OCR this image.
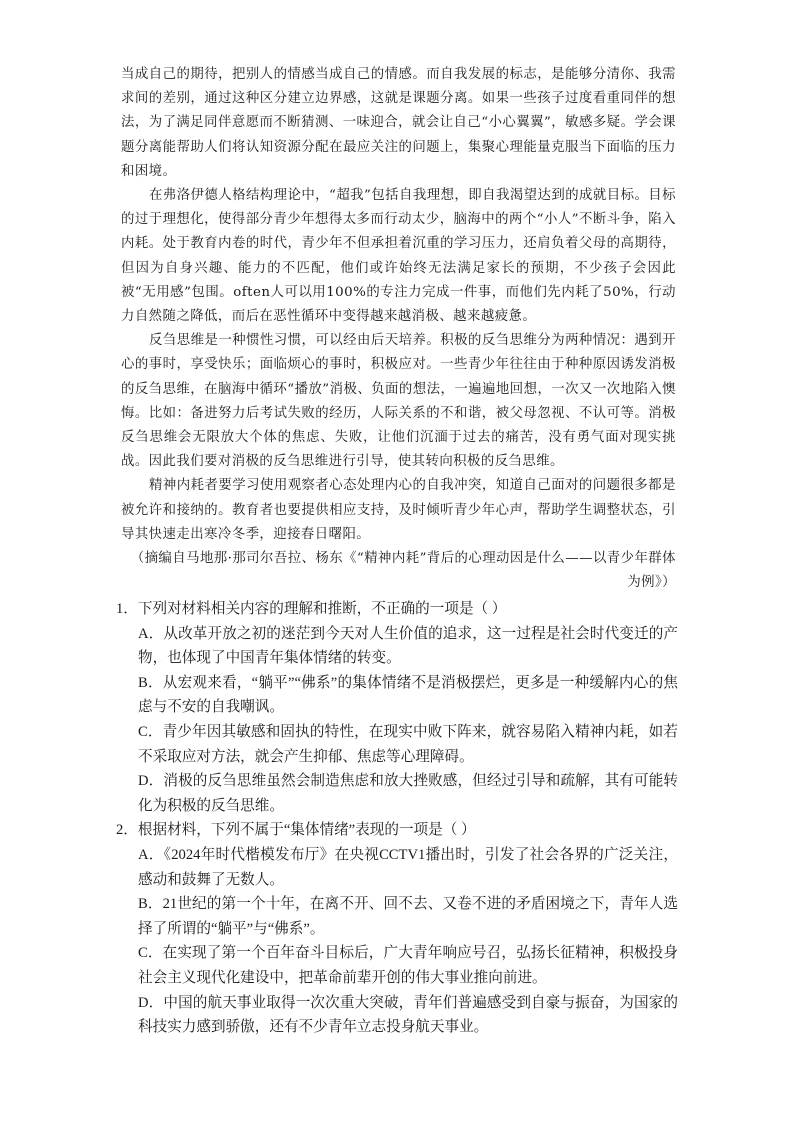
当成自己的期待，把别人的情感当成自己的情感。而自我发展的标志，是能够分清你、我需求间的差别，通过这种区分建立边界感，这就是课题分离。如果一些孩子过度看重同伴的想法，为了满足同伴意愿而不断猜测、一味迎合，就会让自己“小心翼翼”，敏感多疑。学会课题分离能帮助人们将认知资源分配在最应关注的问题上，集聚心理能量克服当下面临的压力和困境。

在弗洛伊德人格结构理论中，“超我”包括自我理想，即自我渴望达到的成就目标。目标的过于理想化，使得部分青少年想得太多而行动太少，脑海中的两个“小人”不断斗争，陷入内耗。处于教育内卷的时代，青少年不但承担着沉重的学习压力，还肩负着父母的高期待，但因为自身兴趣、能力的不匹配，他们或许始终无法满足家长的预期，不少孩子会因此被“无用感”包围。often人可以用100%的专注力完成一件事，而他们先内耗了50%，行动力自然随之降低，而后在恶性循环中变得越来越消极、越来越疲惫。

反刍思维是一种惯性习惯，可以经由后天培养。积极的反刍思维分为两种情况：遇到开心的事时，享受快乐；面临烦心的事时，积极应对。一些青少年往往由于种种原因诱发消极的反刍思维，在脑海中循环“播放”消极、负面的想法，一遍遍地回想，一次又一次地陷入懊悔。比如：备进努力后考试失败的经历，人际关系的不和谐，被父母忽视、不认可等。消极反刍思维会无限放大个体的焦虑、失败，让他们沉湎于过去的痛苦，没有勇气面对现实挑战。因此我们要对消极的反刍思维进行引导，使其转向积极的反刍思维。

精神内耗者要学习使用观察者心态处理内心的自我冲突，知道自己面对的问题很多都是被允许和接纳的。教育者也要提供相应支持，及时倾听青少年心声，帮助学生调整状态，引导其快速走出寒冷冬季，迎接春日曙阳。

（摘编自马地那·那司尔吾拉、杨东《“精神内耗”背后的心理动因是什么——以青少年群体为例》）

1．下列对材料相关内容的理解和推断，不正确的一项是（ ）

A．从改革开放之初的迷茫到今天对人生价值的追求，这一过程是社会时代变迁的产物，也体现了中国青年集体情绪的转变。

B．从宏观来看，“躺平”“佛系”的集体情绪不是消极摆烂，更多是一种缓解内心的焦虑与不安的自我嘲讽。

C．青少年因其敏感和固执的特性，在现实中败下阵来，就容易陷入精神内耗，如若不采取应对方法，就会产生抑郁、焦虑等心理障碍。

D．消极的反刍思维虽然会制造焦虑和放大挫败感，但经过引导和疏解，其有可能转化为积极的反刍思维。

2．根据材料，下列不属于“集体情绪”表现的一项是（ ）

A．《2024年时代楷模发布厅》在央视CCTV1播出时，引发了社会各界的广泛关注，感动和鼓舞了无数人。

B．21世纪的第一个十年，在离不开、回不去、又卷不进的矛盾困境之下，青年人选择了所谓的“躺平”与“佛系”。

C．在实现了第一个百年奋斗目标后，广大青年响应号召，弘扬长征精神，积极投身社会主义现代化建设中，把革命前辈开创的伟大事业推向前进。

D．中国的航天事业取得一次次重大突破，青年们普遍感受到自豪与振奋，为国家的科技实力感到骄傲，还有不少青年立志投身航天事业。
